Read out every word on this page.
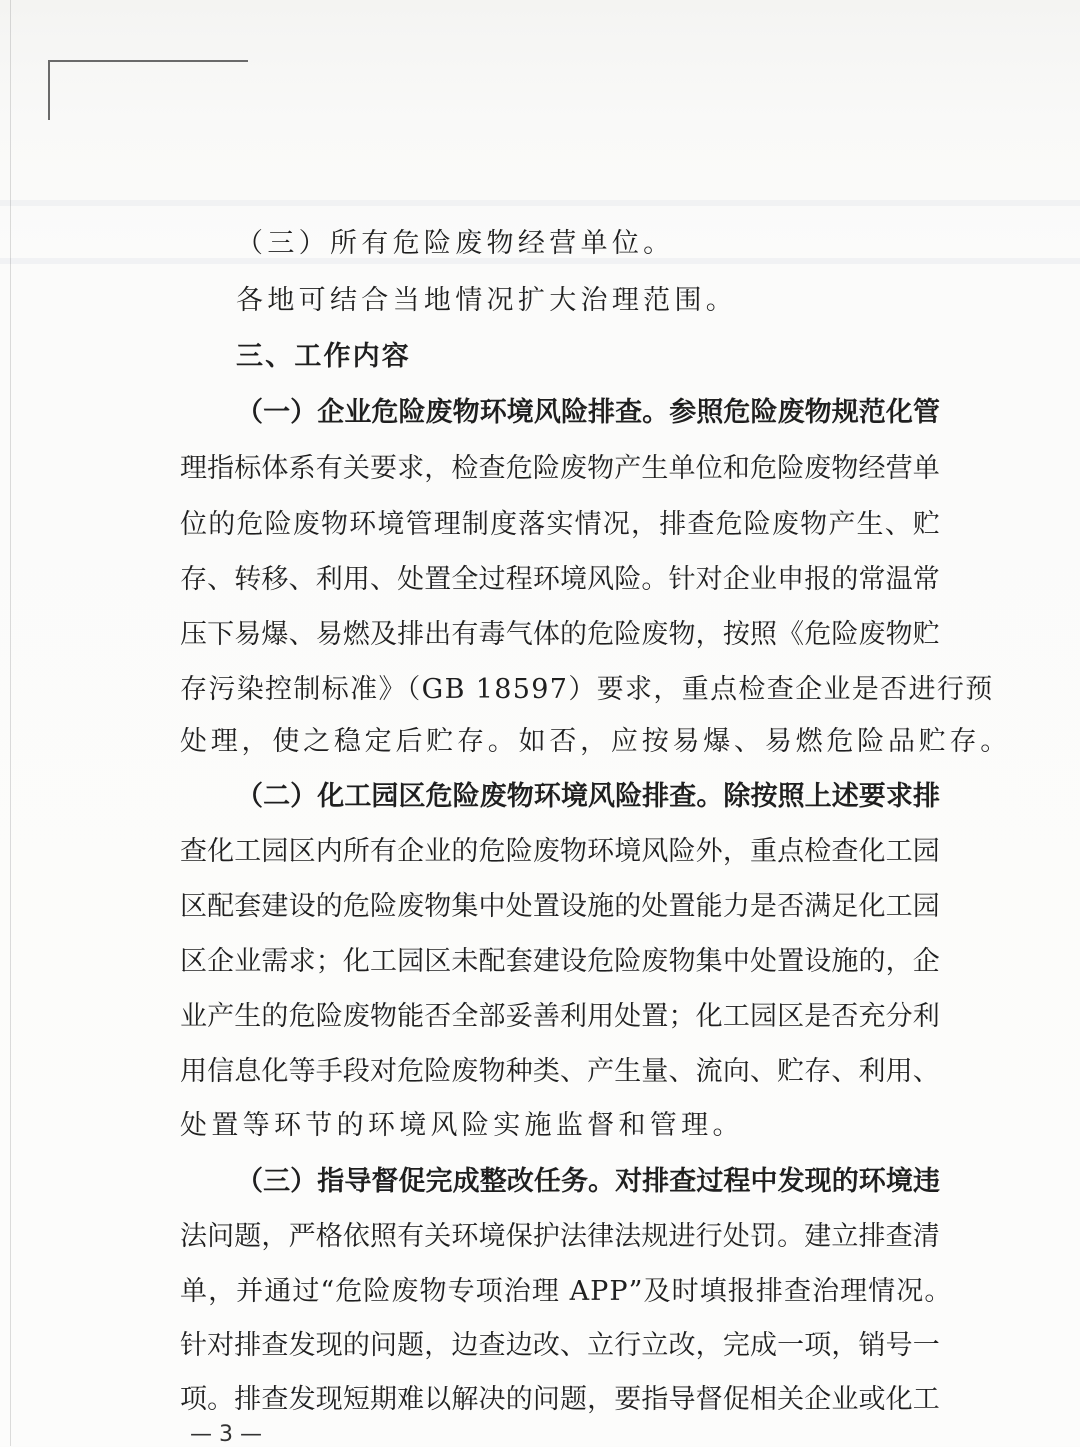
（三）所有危险废物经营单位。
各地可结合当地情况扩大治理范围。
三、工作内容
（ 一 ） 企 业 危 险 废 物 环 境 风 险 排 查 。 参 照 危 险 废 物 规 范 化 管
理 指 标 体 系 有 关 要 求 ， 检 查 危 险 废 物 产 生 单 位 和 危 险 废 物 经 营 单
位 的 危 险 废 物 环 境 管 理 制 度 落 实 情 况 ， 排 查 危 险 废 物 产 生 、 贮
存 、 转 移 、 利 用 、 处 置 全 过 程 环 境 风 险 。 针 对 企 业 申 报 的 常 温 常
压 下 易 爆 、 易 燃 及 排 出 有 毒 气 体 的 危 险 废 物 ， 按 照 《 危 险 废 物 贮
存污染控制标准》（GB 18597）要求，重点检查企业是否进行预
处理，使之稳定后贮存。如否，应按易爆、易燃危险品贮存。
（ 二 ） 化 工 园 区 危 险 废 物 环 境 风 险 排 查 。 除 按 照 上 述 要 求 排
查 化 工 园 区 内 所 有 企 业 的 危 险 废 物 环 境 风 险 外 ， 重 点 检 查 化 工 园
区 配 套 建 设 的 危 险 废 物 集 中 处 置 设 施 的 处 置 能 力 是 否 满 足 化 工 园
区 企 业 需 求 ； 化 工 园 区 未 配 套 建 设 危 险 废 物 集 中 处 置 设 施 的 ， 企
业 产 生 的 危 险 废 物 能 否 全 部 妥 善 利 用 处 置 ； 化 工 园 区 是 否 充 分 利
用 信 息 化 等 手 段 对 危 险 废 物 种 类 、 产 生 量 、 流 向 、 贮 存 、 利 用 、
处置等环节的环境风险实施监督和管理。
（ 三 ） 指 导 督 促 完 成 整 改 任 务 。 对 排 查 过 程 中 发 现 的 环 境 违
法 问 题 ， 严 格 依 照 有 关 环 境 保 护 法 律 法 规 进 行 处 罚 。 建 立 排 查 清
单，并通过“危险废物专项治理 APP”及时填报排查治理情况。
针 对 排 查 发 现 的 问 题 ， 边 查 边 改 、 立 行 立 改 ， 完 成 一 项 ， 销 号 一
项 。 排 查 发 现 短 期 难 以 解 决 的 问 题 ， 要 指 导 督 促 相 关 企 业 或 化 工
— 3 —
